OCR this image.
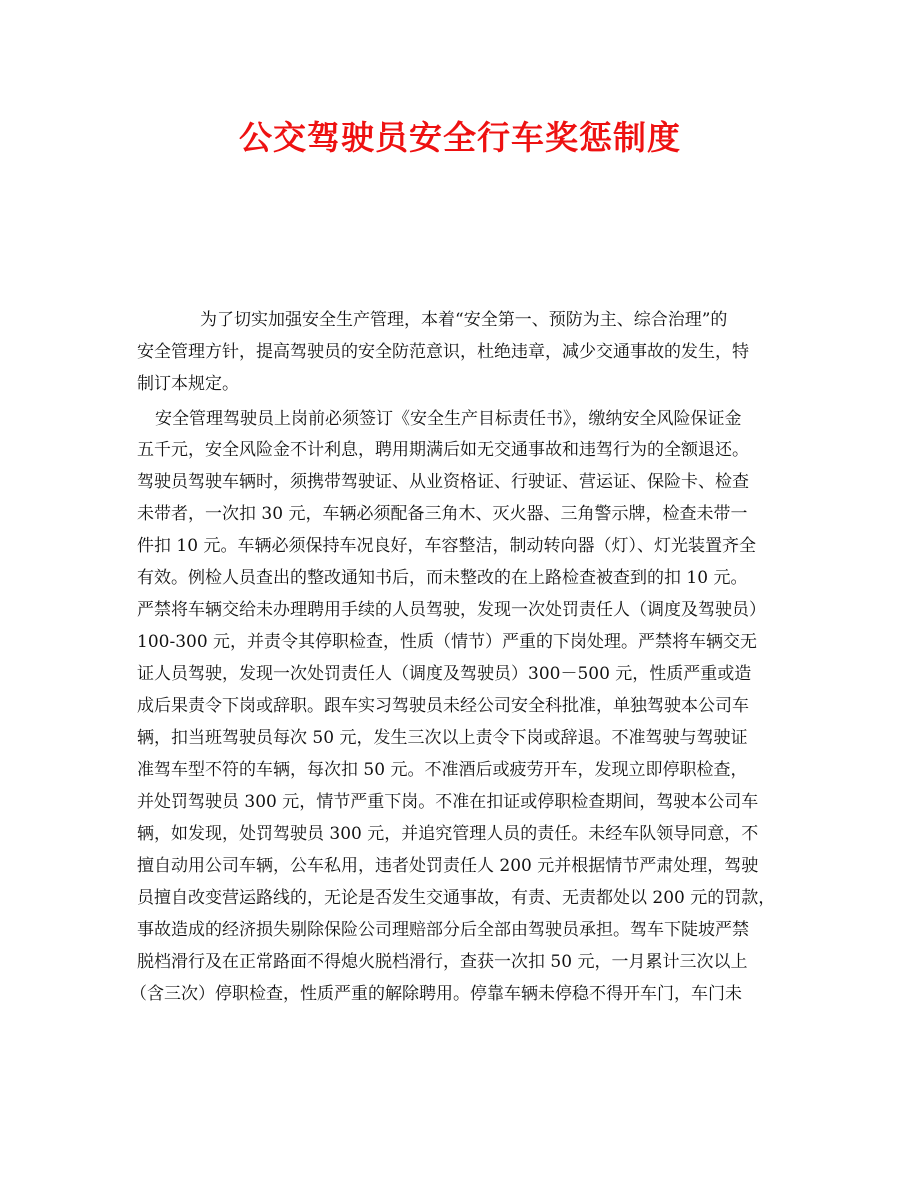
公交驾驶员安全行车奖惩制度
为了切实加强安全生产管理，本着“安全第一、预防为主、综合治理”的
安全管理方针，提高驾驶员的安全防范意识，杜绝违章，减少交通事故的发生，特
制订本规定。
安全管理驾驶员上岗前必须签订《安全生产目标责任书》，缴纳安全风险保证金
五千元，安全风险金不计利息，聘用期满后如无交通事故和违驾行为的全额退还。
驾驶员驾驶车辆时，须携带驾驶证、从业资格证、行驶证、营运证、保险卡、检查
未带者，一次扣 30 元，车辆必须配备三角木、灭火器、三角警示牌，检查未带一
件扣 10 元。车辆必须保持车况良好，车容整洁，制动转向器（灯）、灯光装置齐全
有效。例检人员查出的整改通知书后，而未整改的在上路检查被查到的扣 10 元。
严禁将车辆交给未办理聘用手续的人员驾驶，发现一次处罚责任人（调度及驾驶员）
100-300 元，并责令其停职检查，性质（情节）严重的下岗处理。严禁将车辆交无
证人员驾驶，发现一次处罚责任人（调度及驾驶员）300－500 元，性质严重或造
成后果责令下岗或辞职。跟车实习驾驶员未经公司安全科批准，单独驾驶本公司车
辆，扣当班驾驶员每次 50 元，发生三次以上责令下岗或辞退。不准驾驶与驾驶证
准驾车型不符的车辆，每次扣 50 元。不准酒后或疲劳开车，发现立即停职检查，
并处罚驾驶员 300 元，情节严重下岗。不准在扣证或停职检查期间，驾驶本公司车
辆，如发现，处罚驾驶员 300 元，并追究管理人员的责任。未经车队领导同意，不
擅自动用公司车辆，公车私用，违者处罚责任人 200 元并根据情节严肃处理，驾驶
员擅自改变营运路线的，无论是否发生交通事故，有责、无责都处以 200 元的罚款，
事故造成的经济损失剔除保险公司理赔部分后全部由驾驶员承担。驾车下陡坡严禁
脱档滑行及在正常路面不得熄火脱档滑行，查获一次扣 50 元，一月累计三次以上
（含三次）停职检查，性质严重的解除聘用。停靠车辆未停稳不得开车门，车门未
